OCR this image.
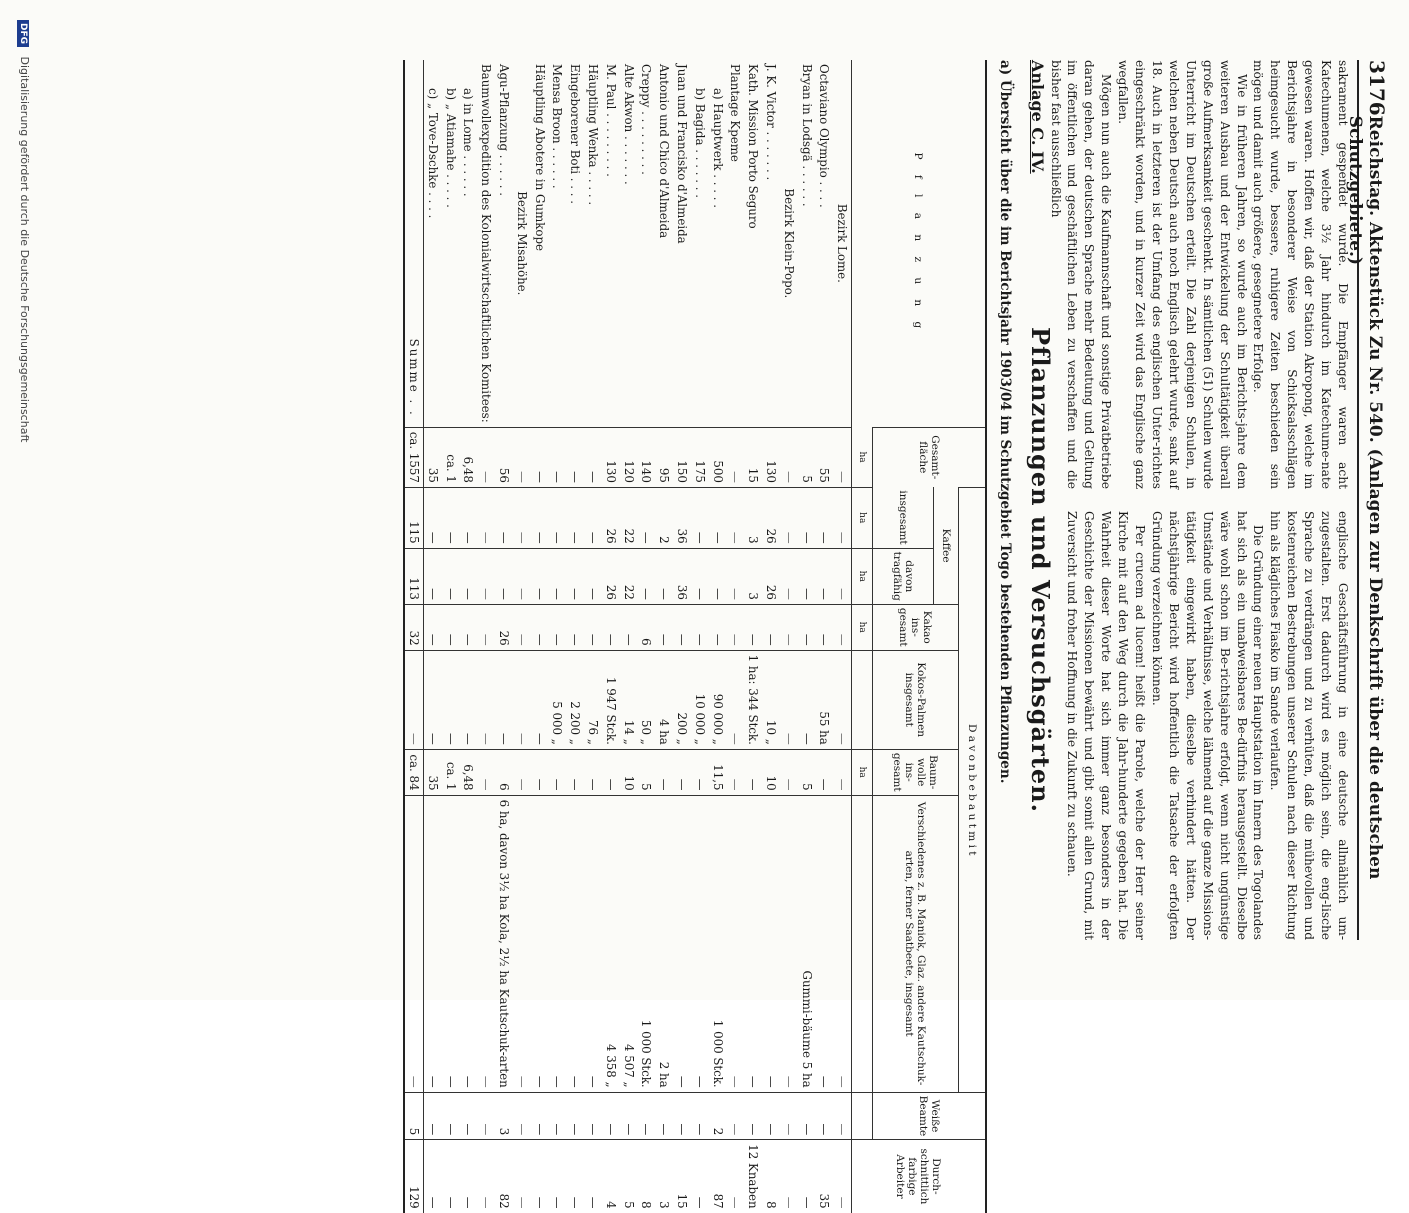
3176
Reichstag. Aktenstück Zu Nr. 540. (Anlagen zur Denkschrift über die deutschen Schutzgebiete.)

sakrament gespendet wurde. Die Empfänger waren acht Katechumenen, welche 3½ Jahr hindurch im Katechume-nate gewesen waren. Hoffen wir, daß der Station Akropong, welche im Berichtsjahre in besonderer Weise von Schicksalsschlägen heimgesucht wurde, bessere, ruhigere Zeiten beschieden sein mögen und damit auch größere, gesegnetere Erfolge.

Wie in früheren Jahren, so wurde auch im Berichts-jahre dem weiteren Ausbau und der Entwickelung der Schultätigkeit überall große Aufmerksamkeit geschenkt. In sämtlichen (51) Schulen wurde Unterricht im Deutschen erteilt. Die Zahl derjenigen Schulen, in welchen neben Deutsch auch noch Englisch gelehrt wurde, sank auf 18. Auch in letzteren ist der Umfang des englischen Unter-richtes eingeschränkt worden, und in kurzer Zeit wird das Englische ganz wegfallen.

Mögen nun auch die Kaufmannschaft und sonstige Privatbetriebe daran gehen, der deutschen Sprache mehr Bedeutung und Geltung im öffentlichen und geschäftlichen Leben zu verschaffen und die bisher fast ausschließlich

englische Geschäftsführung in eine deutsche allmählich um-zugestalten. Erst dadurch wird es möglich sein, die eng-lische Sprache zu verdrängen und zu verhüten, daß die mühevollen und kostenreichen Bestrebungen unserer Schulen nach dieser Richtung hin als klägliches Fiasko im Sande verlaufen.

Die Gründung einer neuen Hauptstation im Innern des Togolandes hat sich als ein unabweisbares Be-dürfnis herausgestellt. Dieselbe wäre wohl schon im Be-richtsjahre erfolgt, wenn nicht ungünstige Umstände und Verhältnisse, welche lähmend auf die ganze Missions-tätigkeit eingewirkt haben, dieselbe verhindert hätten. Der nächstjährige Bericht wird hoffentlich die Tatsache der erfolgten Gründung verzeichnen können.

Per crucem ad lucem! heißt die Parole, welche der Herr seiner Kirche mit auf den Weg durch die Jahr-hunderte gegeben hat. Die Wahrheit dieser Worte hat sich immer ganz besonders in der Geschichte der Missionen bewährt und gibt somit allen Grund, mit Zuversicht und froher Hoffnung in die Zukunft zu schauen.

Anlage C. IV.
Pflanzungen und Versuchsgärten.
a) Übersicht über die im Berichtsjahr 1903/04 im Schutzgebiet Togo bestehenden Pflanzungen.
P f l a n z u n g	Gesamt-fläche	D a v o n b e b a u t m i t						Weiße Beamte	Durch-schnittlich farbige Arbeiter
		Kaffee		Kakao ins-gesamt	Kokos-Palmen insgesamt	Baum-wolle ins-gesamt	Verschiedenes z. B. Maniok, Glaz. andere Kautschuk-arten, ferner Saatbeete, insgesamt		
		insgesamt	davon tragfähig						
	ha	ha	ha	ha		ha			
Bezirk Lome.	—	—	—	—	—	—	—	—	—
Octaviano Olympio . . . .	55	—	—	—	55 ha	—	—	—	35
Bryan in Lodsgä . . . . . .	5	—	—	—	—	5	Gummi-bäume 5 ha	—	—
Bezirk Klein-Popo.	—	—	—	—	—	—	—	—	—
J. K. Victor . . . . . . .	130	26	26	—	10 „	10	—	—	8
Kath. Mission Porto Seguro	15	3	3	—	1 ha: 344 Stck.	—	—	—	12 Knaben
Plantage Kpeme	—	—	—	—	—	—	—	—	—
a) Hauptwerk . . . . .	500	—	—	—	90 000 „	11,5	1 000 Stck.	2	87
b) Bagida . . . . . . .	175	—	—	—	10 000 „	—	—	—	—
Juan und Francisko d'Almeida	150	36	36	—	200 „	—	—	—	15
Antonio und Chico d'Almeida	95	2	—	—	4 ha	—	2 ha	—	3
Creppy . . . . . . . . .	140	—	—	6	50 „	5	1 000 Stck.	—	8
Alte Akwon . . . . . . .	120	22	22	—	14 „	10	4 507 „	—	5
M. Paul . . . . . . . . .	130	26	26	—	1 947 Stck.	—	4 358 „	—	4
Häuptling Wenka . . . . .	—	—	—	—	76 „	—	—	—	—
Eingeborener Boti . . . .	—	—	—	—	2 200 „	—	—	—	—
Mensa Broon . . . . . .	—	—	—	—	5 000 „	—	—	—	—
Häuptling Abotere in Gumkope	—	—	—	—	—	—	—	—	—
Bezirk Misahöhe.	—	—	—	—	—	—	—	—	—
Agu-Pflanzung . . . . . .	56	—	—	26	—	6	6 ha, davon 3½ ha Kola, 2½ ha Kautschuk-arten	3	82
Baumwollexpedition des Kolonialwirtschaftlichen Komitees:	—	—	—	—	—	—	—	—	—
a) in Lome . . . . . .	6,48	—	—	—	—	6,48	—	—	—
b) „ Atiamahe . . . . .	ca. 1	—	—	—	—	ca. 1	—	—	—
c) „ Tove-Dschke . . . .	35	—	—	—	—	35	—	—	—
Summe . .	ca. 1557	115	113	32	—	ca. 84	—	5	129
DFG Digitalisierung gefördert durch die Deutsche Forschungsgemeinschaft
